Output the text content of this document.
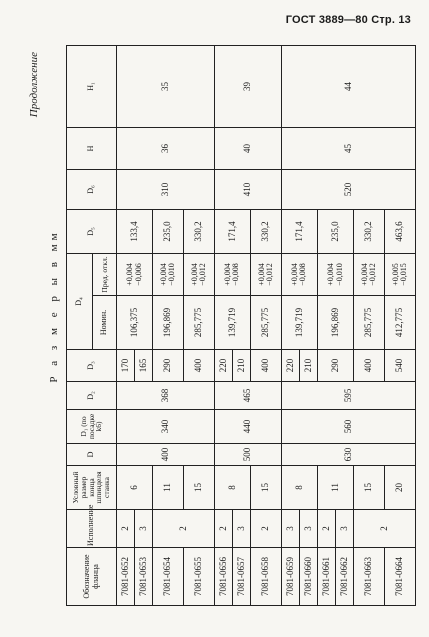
ГОСТ 3889—80 Стр. 13
Продолжение
Р а з м е р ы в мм
Обозначение фланца	Исполнение	Условный размер конца шпинделя станка	D	D₁ (по посадке k6)	D₂	D₃	D₄		D₅	D₆	H	H₁
							Номин.	Пред. откл.				
7081-0652	2	6	400	340	368	170	106,375	+0,004 −0,006	133,4	310	36	35
7081-0653	3					165						
7081-0654	2	11				290	196,869	+0,004 −0,010	235,0			
7081-0655		15				400	285,775	+0,004 −0,012	330,2			
7081-0656	2	8	500	440	465	220	139,719	+0,004 −0,008	171,4	410	40	39
7081-0657	3					210						
7081-0658	2	15				400	285,775	+0,004 −0,012	330,2			
7081-0659	3	8	630	560	595	220	139,719	+0,004 −0,008	171,4	520	45	44
7081-0660	3					210						
7081-0661	2	11				290	196,869	+0,004 −0,010	235,0			
7081-0662	3											
7081-0663	2	15				400	285,775	+0,004 −0,012	330,2			
7081-0664		20				540	412,775	+0,005 −0,015	463,6			
